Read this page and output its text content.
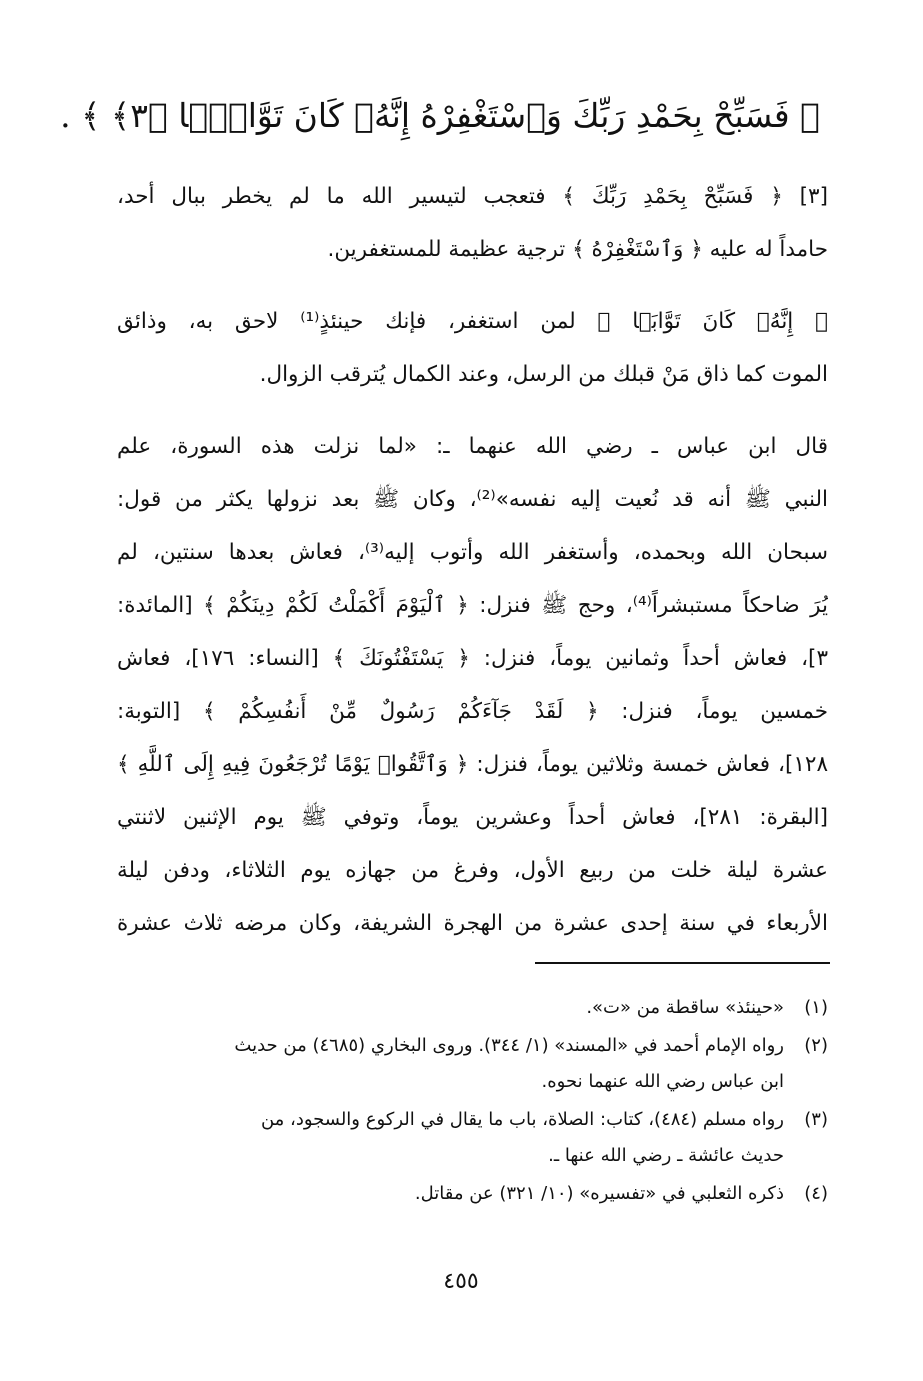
﴿ فَسَبِّحْ بِحَمْدِ رَبِّكَ وَٱسْتَغْفِرْهُ إِنَّهُۥ كَانَ تَوَّابَۢا ﴿٣﴾ ﴾ .

[٣] ﴿ فَسَبِّحْ بِحَمْدِ رَبِّكَ ﴾ فتعجب لتيسير الله ما لم يخطر ببال أحد،
حامداً له عليه ﴿ وَٱسْتَغْفِرْهُ ﴾ ترجية عظيمة للمستغفرين.

﴿ إِنَّهُۥ كَانَ تَوَّابَۢا ﴾ لمن استغفر، فإنك حينئذٍ⁽¹⁾ لاحق به، وذائق
الموت كما ذاق مَنْ قبلك من الرسل، وعند الكمال يُترقب الزوال.

قال ابن عباس ـ رضي الله عنهما ـ: «لما نزلت هذه السورة، علم
النبي ﷺ أنه قد نُعيت إليه نفسه»⁽²⁾، وكان ﷺ بعد نزولها يكثر من قول:
سبحان الله وبحمده، وأستغفر الله وأتوب إليه⁽³⁾، فعاش بعدها سنتين، لم
يُرَ ضاحكاً مستبشراً⁽⁴⁾، وحج ﷺ فنزل: ﴿ ٱلْيَوْمَ أَكْمَلْتُ لَكُمْ دِينَكُمْ ﴾ [المائدة:
٣]، فعاش أحداً وثمانين يوماً، فنزل: ﴿ يَسْتَفْتُونَكَ ﴾ [النساء: ١٧٦]، فعاش
خمسين يوماً، فنزل: ﴿ لَقَدْ جَآءَكُمْ رَسُولٌ مِّنْ أَنفُسِكُمْ ﴾ [التوبة:
١٢٨]، فعاش خمسة وثلاثين يوماً، فنزل: ﴿ وَٱتَّقُوا۟ يَوْمًا تُرْجَعُونَ فِيهِ إِلَى ٱللَّهِ ﴾
[البقرة: ٢٨١]، فعاش أحداً وعشرين يوماً، وتوفي ﷺ يوم الإثنين لاثنتي
عشرة ليلة خلت من ربيع الأول، وفرغ من جهازه يوم الثلاثاء، ودفن ليلة
الأربعاء في سنة إحدى عشرة من الهجرة الشريفة، وكان مرضه ثلاث عشرة

(١)
«حينئذ» ساقطة من «ت».
(٢)
رواه الإمام أحمد في «المسند» (١/ ٣٤٤). وروى البخاري (٤٦٨٥) من حديث
ابن عباس رضي الله عنهما نحوه.
(٣)
رواه مسلم (٤٨٤)، كتاب: الصلاة، باب ما يقال في الركوع والسجود، من
حديث عائشة ـ رضي الله عنها ـ.
(٤)
ذكره الثعلبي في «تفسيره» (١٠/ ٣٢١) عن مقاتل.
٤٥٥
